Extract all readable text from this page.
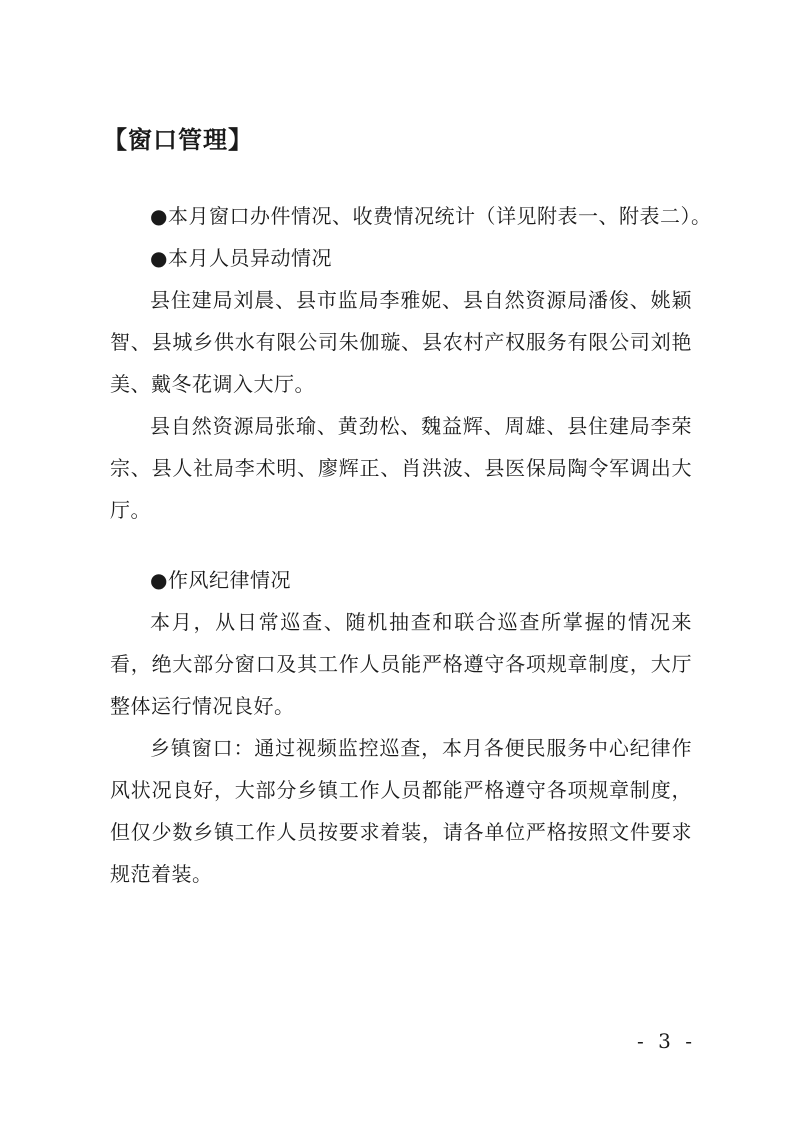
【窗口管理】
●本月窗口办件情况、收费情况统计（详见附表一、附表二）。
●本月人员异动情况
县住建局刘晨、县市监局李雅妮、县自然资源局潘俊、姚颖智、县城乡供水有限公司朱伽璇、县农村产权服务有限公司刘艳美、戴冬花调入大厅。
县自然资源局张瑜、黄劲松、魏益辉、周雄、县住建局李荣宗、县人社局李术明、廖辉正、肖洪波、县医保局陶令军调出大厅。
●作风纪律情况
本月，从日常巡查、随机抽查和联合巡查所掌握的情况来看，绝大部分窗口及其工作人员能严格遵守各项规章制度，大厅整体运行情况良好。
乡镇窗口：通过视频监控巡查，本月各便民服务中心纪律作风状况良好，大部分乡镇工作人员都能严格遵守各项规章制度，但仅少数乡镇工作人员按要求着装，请各单位严格按照文件要求规范着装。
- 3 -
